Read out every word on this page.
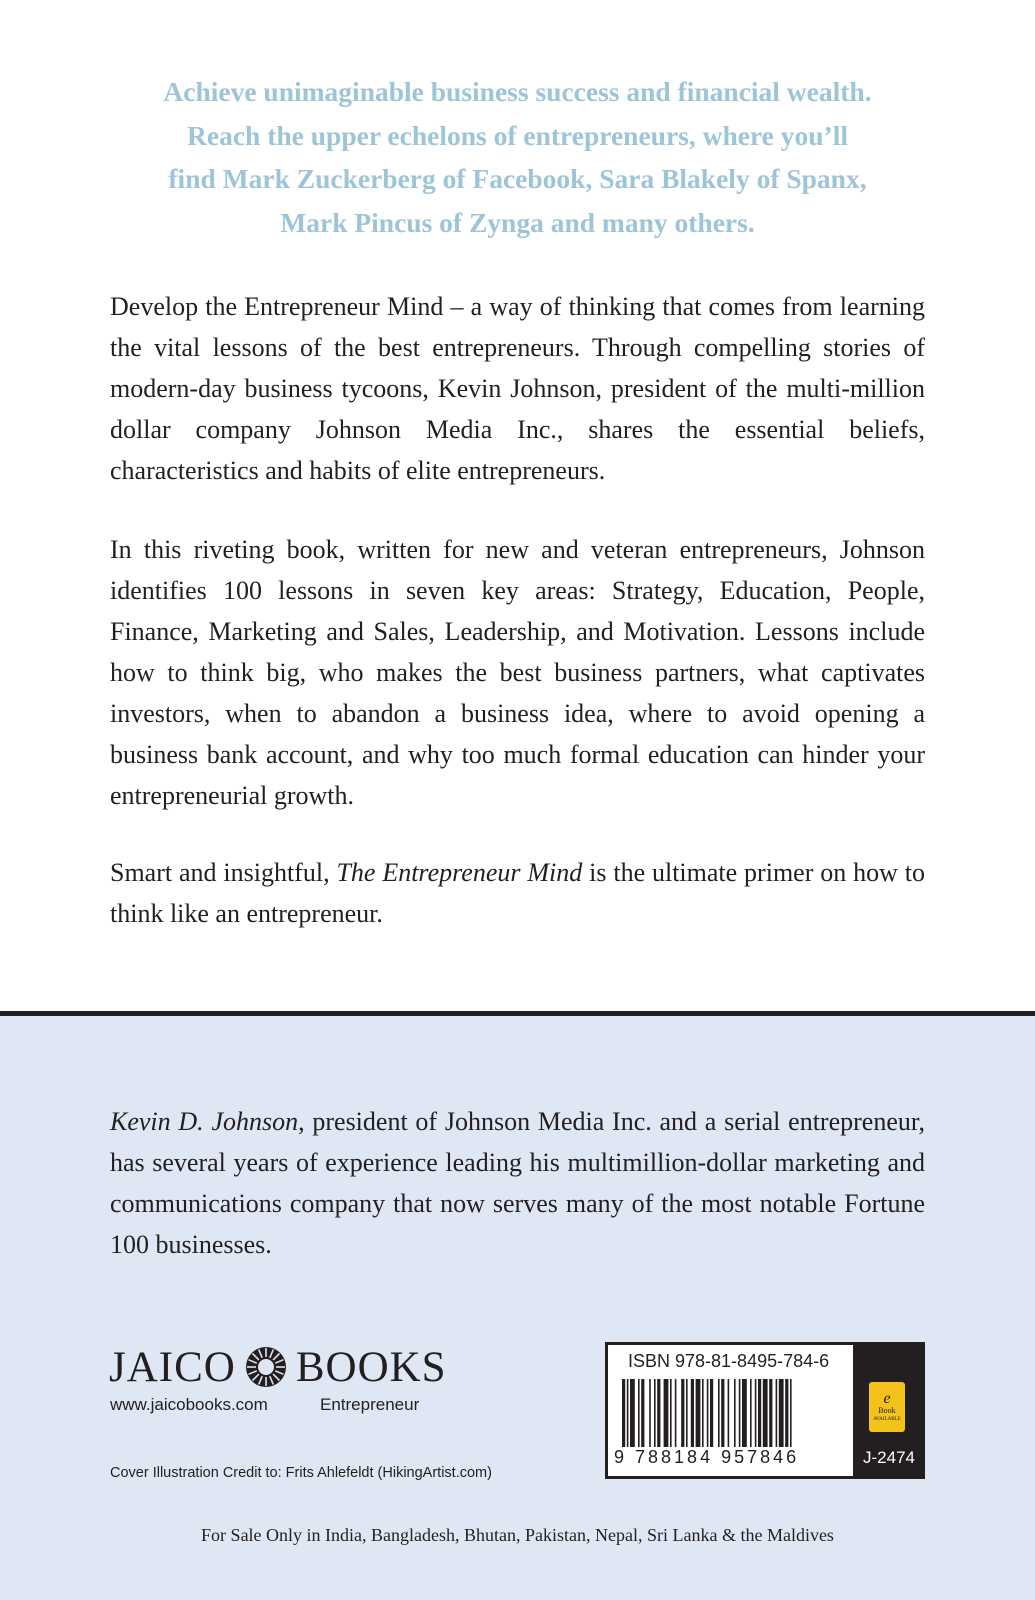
Achieve unimaginable business success and financial wealth.
Reach the upper echelons of entrepreneurs, where you’ll
find Mark Zuckerberg of Facebook, Sara Blakely of Spanx,
Mark Pincus of Zynga and many others.

Develop the Entrepreneur Mind – a way of thinking that comes from learning the vital lessons of the best entrepreneurs. Through compelling stories of modern-day business tycoons, Kevin Johnson, president of the multi-million dollar company Johnson Media Inc., shares the essential beliefs, characteristics and habits of elite entrepreneurs.

In this riveting book, written for new and veteran entrepreneurs, Johnson identifies 100 lessons in seven key areas: Strategy, Education, People, Finance, Marketing and Sales, Leadership, and Motivation. Lessons include how to think big, who makes the best business partners, what captivates investors, when to abandon a business idea, where to avoid opening a business bank account, and why too much formal education can hinder your entrepreneurial growth.

Smart and insightful, The Entrepreneur Mind is the ultimate primer on how to think like an entrepreneur.

Kevin D. Johnson, president of Johnson Media Inc. and a serial entrepreneur, has several years of experience leading his multimillion-dollar marketing and communications company that now serves many of the most notable Fortune 100 businesses.

JAICO BOOKS
www.jaicobooks.com	Entrepreneur
Cover Illustration Credit to: Frits Ahlefeldt (HikingArtist.com)
ISBN 978-81-8495-784-6
9 788184 957846
e
Book
AVAILABLE
J-2474
For Sale Only in India, Bangladesh, Bhutan, Pakistan, Nepal, Sri Lanka & the Maldives
